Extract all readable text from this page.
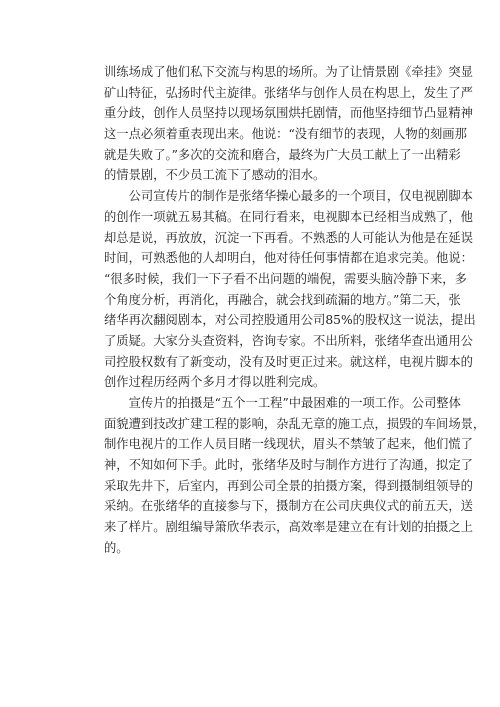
训练场成了他们私下交流与构思的场所。为了让情景剧《牵挂》突显
矿山特征，弘扬时代主旋律。张绪华与创作人员在构思上，发生了严
重分歧，创作人员坚持以现场氛围烘托剧情，而他坚持细节凸显精神
这一点必须着重表现出来。他说：“没有细节的表现，人物的刻画那
就是失败了。”多次的交流和磨合，最终为广大员工献上了一出精彩
的情景剧，不少员工流下了感动的泪水。
　　公司宣传片的制作是张绪华操心最多的一个项目，仅电视剧脚本
的创作一项就五易其稿。在同行看来，电视脚本已经相当成熟了，他
却总是说，再放放，沉淀一下再看。不熟悉的人可能认为他是在延误
时间，可熟悉他的人却明白，他对待任何事情都在追求完美。他说：
“很多时候，我们一下子看不出问题的端倪，需要头脑冷静下来，多
个角度分析，再消化，再融合，就会找到疏漏的地方。”第二天，张
绪华再次翻阅剧本，对公司控股通用公司85%的股权这一说法，提出
了质疑。大家分头查资料，咨询专家。不出所料，张绪华查出通用公
司控股权数有了新变动，没有及时更正过来。就这样，电视片脚本的
创作过程历经两个多月才得以胜利完成。
　　宣传片的拍摄是“五个一工程”中最困难的一项工作。公司整体
面貌遭到技改扩建工程的影响，杂乱无章的施工点，损毁的车间场景，
制作电视片的工作人员目睹一线现状，眉头不禁皱了起来，他们慌了
神，不知如何下手。此时，张绪华及时与制作方进行了沟通，拟定了
采取先井下，后室内，再到公司全景的拍摄方案，得到摄制组领导的
采纳。在张绪华的直接参与下，摄制方在公司庆典仪式的前五天，送
来了样片。剧组编导箫欣华表示，高效率是建立在有计划的拍摄之上
的。
